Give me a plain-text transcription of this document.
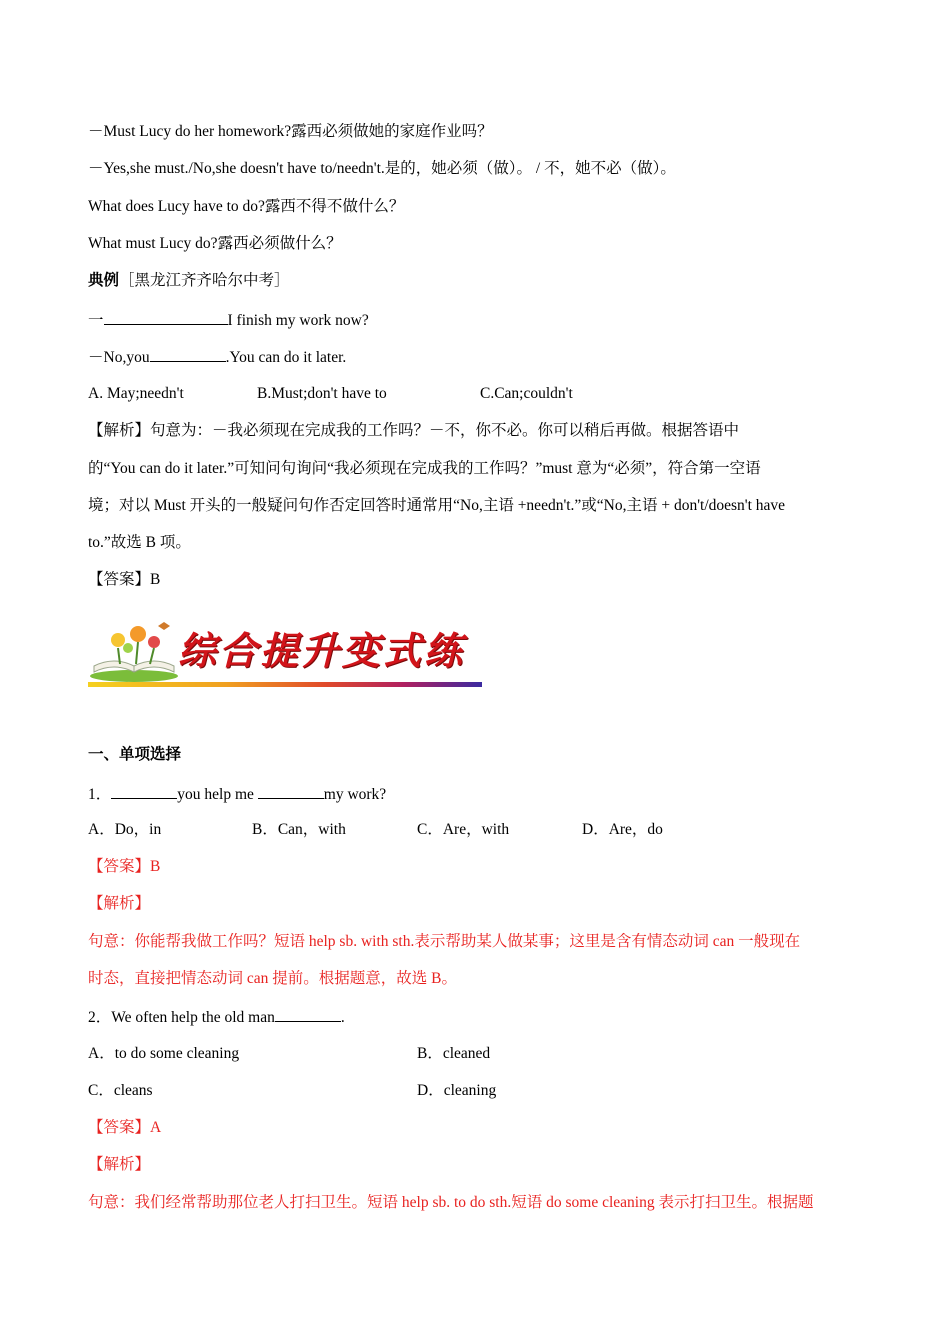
－Must Lucy do her homework?露西必须做她的家庭作业吗？
－Yes,she must./No,she doesn't have to/needn't.是的，她必须（做）。 / 不，她不必（做）。
What does Lucy have to do?露西不得不做什么？
What must Lucy do?露西必须做什么？
典例［黑龙江齐齐哈尔中考］
一	I finish my work now?
－No,you	.You can do it later.
A. May;needn't	B.Must;don't have to	C.Can;couldn't
【解析】句意为：－我必须现在完成我的工作吗？－不，你不必。你可以稍后再做。根据答语中
的“You can do it later.”可知问句询问“我必须现在完成我的工作吗？”must 意为“必须”，符合第一空语
境；对以 Must 开头的一般疑问句作否定回答时通常用“No,主语 +needn't.”或“No,主语 + don't/doesn't have
to.”故选 B 项。
【答案】B
综合提升变式练
一、单项选择
1．	you help me	my work?
A．Do，in	B．Can，with	C．Are，with	D．Are，do
【答案】B
【解析】
句意：你能帮我做工作吗？短语 help sb. with sth.表示帮助某人做某事；这里是含有情态动词 can 一般现在
时态，直接把情态动词 can 提前。根据题意，故选 B。
2．We often help the old man	.
A．to do some cleaning	B．cleaned
C．cleans	D．cleaning
【答案】A
【解析】
句意：我们经常帮助那位老人打扫卫生。短语 help sb. to do sth.短语 do some cleaning 表示打扫卫生。根据题
